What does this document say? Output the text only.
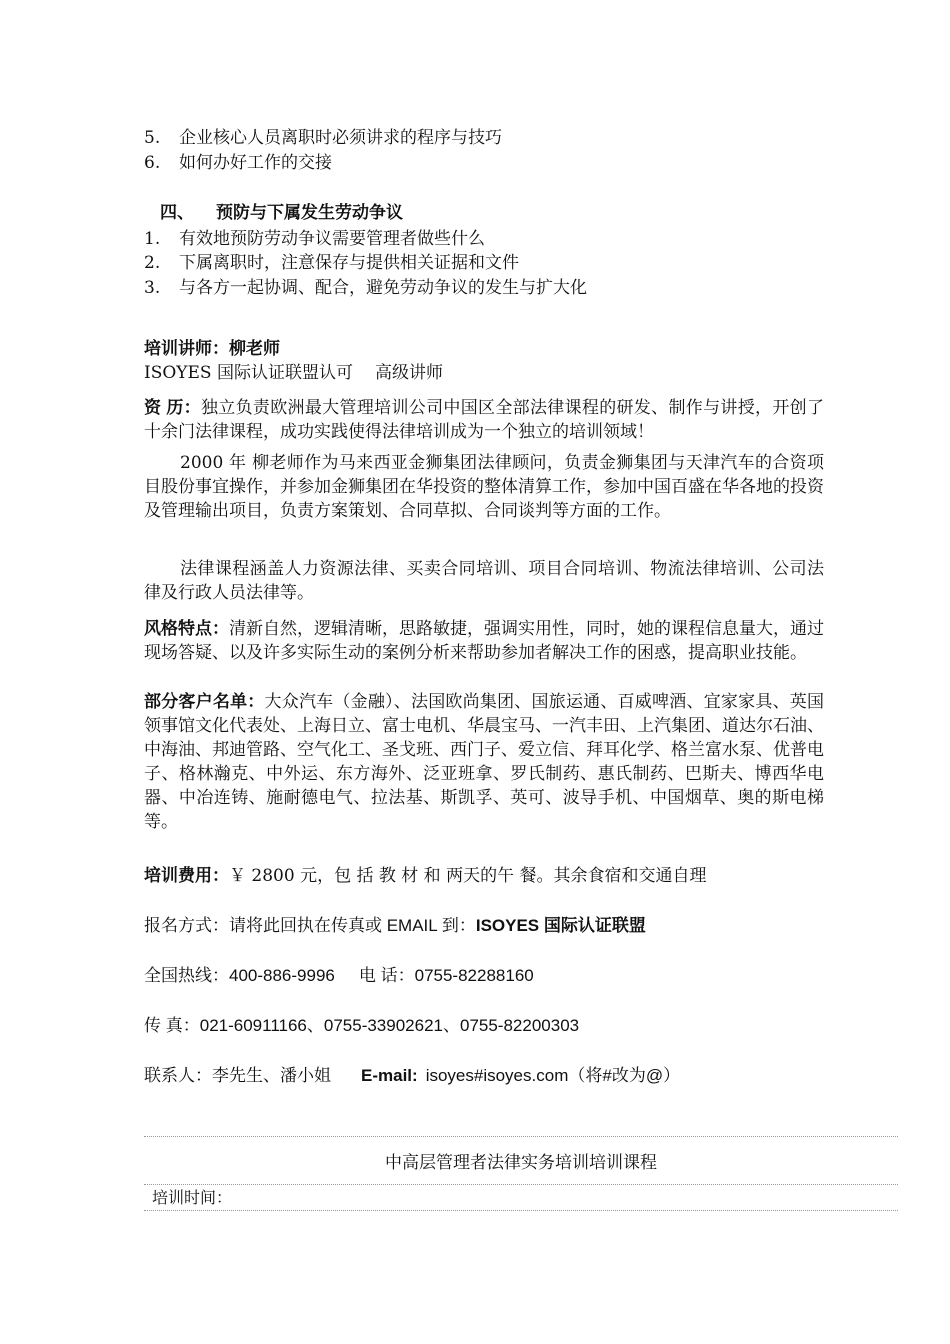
5. 企业核心人员离职时必须讲求的程序与技巧
6. 如何办好工作的交接
四、 预防与下属发生劳动争议
1. 有效地预防劳动争议需要管理者做些什么
2. 下属离职时，注意保存与提供相关证据和文件
3. 与各方一起协调、配合，避免劳动争议的发生与扩大化
培训讲师：柳老师
ISOYES 国际认证联盟认可 高级讲师
资 历：独立负责欧洲最大管理培训公司中国区全部法律课程的研发、制作与讲授，开创了十余门法律课程，成功实践使得法律培训成为一个独立的培训领域！
2000 年 柳老师作为马来西亚金狮集团法律顾问，负责金狮集团与天津汽车的合资项目股份事宜操作，并参加金狮集团在华投资的整体清算工作，参加中国百盛在华各地的投资及管理输出项目，负责方案策划、合同草拟、合同谈判等方面的工作。
法律课程涵盖人力资源法律、买卖合同培训、项目合同培训、物流法律培训、公司法律及行政人员法律等。
风格特点：清新自然，逻辑清晰，思路敏捷，强调实用性，同时，她的课程信息量大，通过现场答疑、以及许多实际生动的案例分析来帮助参加者解决工作的困惑，提高职业技能。
部分客户名单：大众汽车（金融）、法国欧尚集团、国旅运通、百威啤酒、宜家家具、英国领事馆文化代表处、上海日立、富士电机、华晨宝马、一汽丰田、上汽集团、道达尔石油、中海油、邦迪管路、空气化工、圣戈班、西门子、爱立信、拜耳化学、格兰富水泵、优普电子、格林瀚克、中外运、东方海外、泛亚班拿、罗氏制药、惠氏制药、巴斯夫、博西华电器、中冶连铸、施耐德电气、拉法基、斯凯孚、英可、波导手机、中国烟草、奥的斯电梯等。
培训费用：￥ 2800 元，包 括 教 材 和 两天的午 餐。其余食宿和交通自理
报名方式：请将此回执在传真或 EMAIL 到：ISOYES 国际认证联盟
全国热线：400-886-9996 电 话：0755-82288160
传 真：021-60911166、0755-33902621、0755-82200303
联系人：李先生、潘小姐 E-mail: isoyes#isoyes.com（将#改为@）
中高层管理者法律实务培训培训课程
培训时间：
